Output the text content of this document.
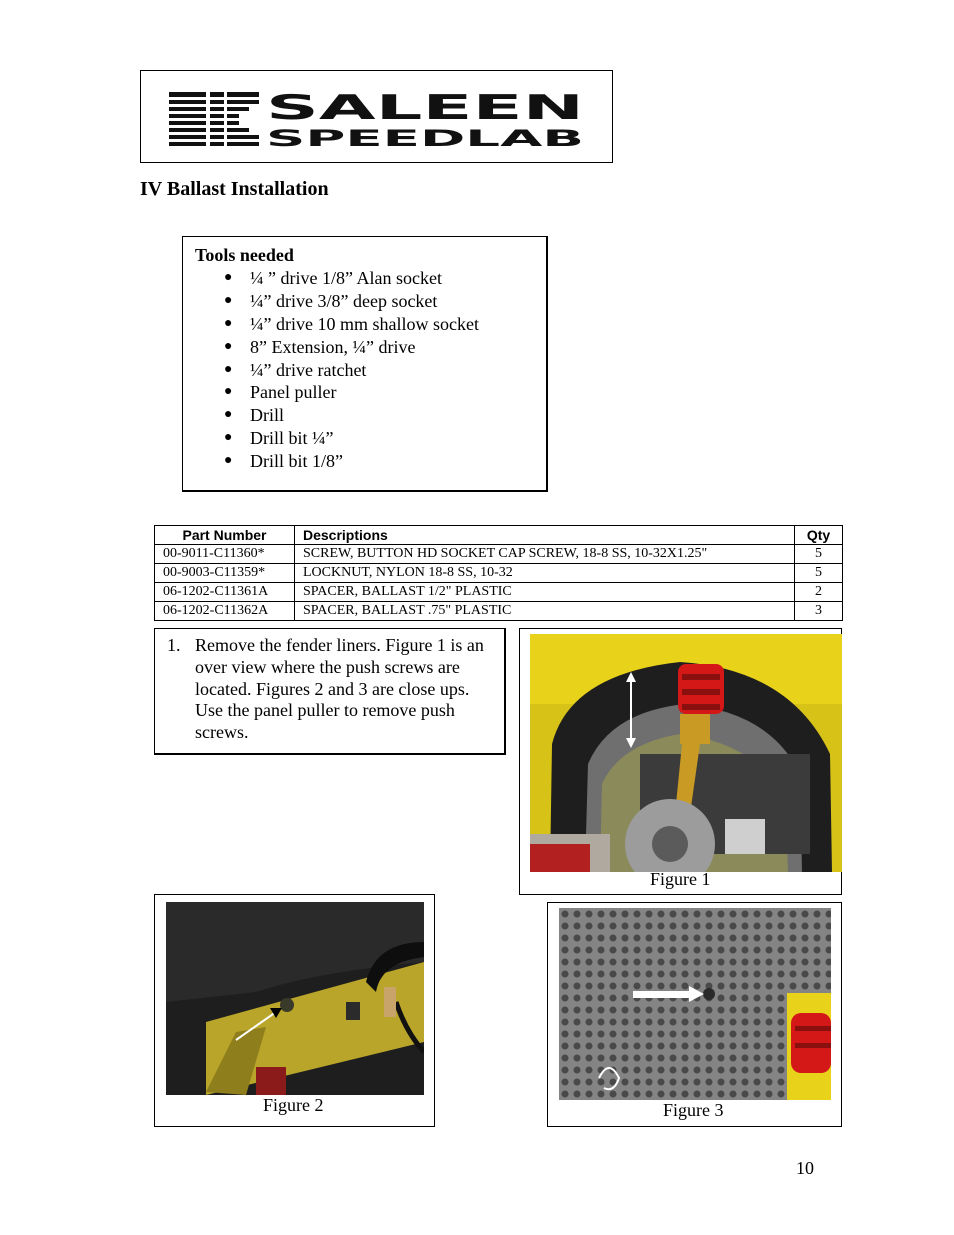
SALEEN
SPEEDLAB
IV Ballast Installation
Tools needed
● ¼ ” drive 1/8” Alan socket
● ¼” drive 3/8” deep socket
● ¼” drive 10 mm shallow socket
● 8” Extension, ¼” drive
● ¼” drive ratchet
● Panel puller
● Drill
● Drill bit ¼”
● Drill bit 1/8”
Part Number	Descriptions	Qty
00-9011-C11360*	SCREW, BUTTON HD SOCKET CAP SCREW, 18-8 SS, 10-32X1.25"	5
00-9003-C11359*	LOCKNUT, NYLON 18-8 SS, 10-32	5
06-1202-C11361A	SPACER, BALLAST 1/2" PLASTIC	2
06-1202-C11362A	SPACER, BALLAST .75" PLASTIC	3
1. Remove the fender liners. Figure 1 is an over view where the push screws are located. Figures 2 and 3 are close ups. Use the panel puller to remove push screws.
Figure 1
Figure 2	Figure 3
10
